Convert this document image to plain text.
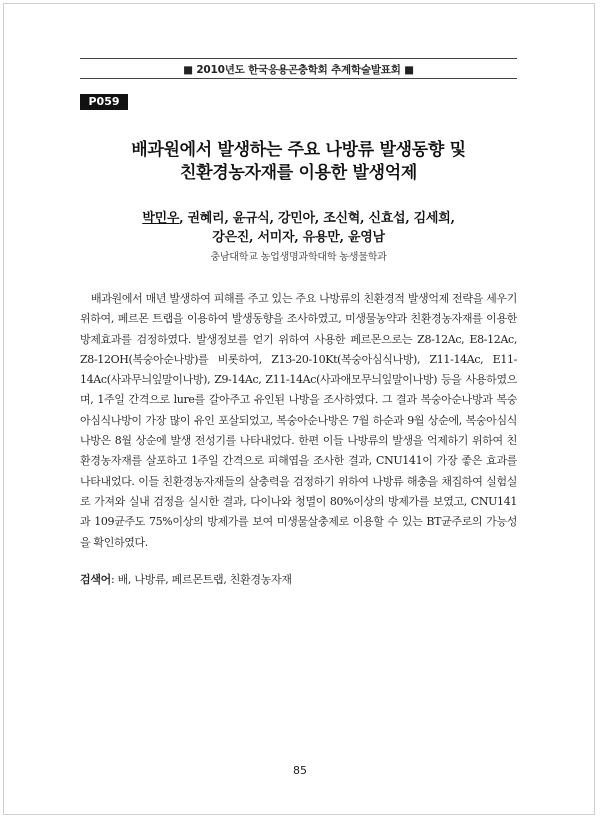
■ 2010년도 한국응용곤충학회 추계학술발표회 ■
P059
배과원에서 발생하는 주요 나방류 발생동향 및
친환경농자재를 이용한 발생억제
박민우, 권혜리, 윤규식, 강민아, 조신혁, 신효섭, 김세희,
강은진, 서미자, 유용만, 윤영남
충남대학교 농업생명과학대학 농생물학과

배과원에서 매년 발생하여 피해를 주고 있는 주요 나방류의 친환경적 발생억제 전략을 세우기 위하여, 페르몬 트랩을 이용하여 발생동향을 조사하였고, 미생물농약과 친환경농자재를 이용한 방제효과를 검정하였다. 발생정보를 얻기 위하여 사용한 페르몬으로는 Z8-12Ac, E8-12Ac, Z8-12OH(복숭아순나방)를 비롯하여, Z13-20-10Kt(복숭아심식나방), Z11-14Ac, E11-14Ac(사과무늬잎말이나방), Z9-14Ac, Z11-14Ac(사과애모무늬잎말이나방) 등을 사용하였으며, 1주일 간격으로 lure를 갈아주고 유인된 나방을 조사하였다. 그 결과 복숭아순나방과 복숭아심식나방이 가장 많이 유인 포살되었고, 복숭아순나방은 7월 하순과 9월 상순에, 복숭아심식나방은 8월 상순에 발생 전성기를 나타내었다. 한편 이들 나방류의 발생을 억제하기 위하여 친환경농자재를 살포하고 1주일 간격으로 피해엽을 조사한 결과, CNU141이 가장 좋은 효과를 나타내었다. 이들 친환경농자재들의 살충력을 검정하기 위하여 나방류 해충을 채집하여 실험실로 가져와 실내 검정을 실시한 결과, 다이나와 청멸이 80%이상의 방제가를 보였고, CNU141과 109균주도 75%이상의 방제가를 보여 미생물살충제로 이용할 수 있는 BT균주로의 가능성을 확인하였다.

검색어: 배, 나방류, 페르몬트랩, 친환경농자재
85
